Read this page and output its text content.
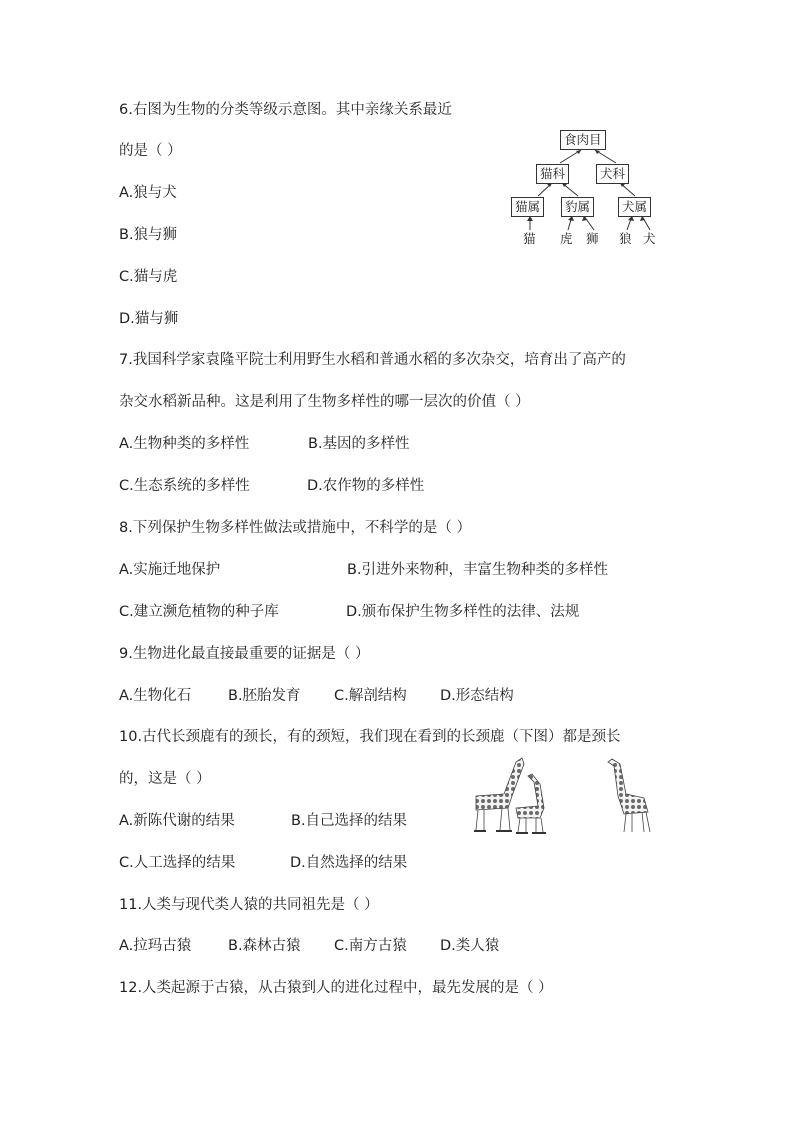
6.右图为生物的分类等级示意图。其中亲缘关系最近
的是（ ）
A.狼与犬
B.狼与狮
C.猫与虎
D.猫与狮
食肉目
猫科	犬科
猫属	豹属	犬属
猫 虎 狮 狼 犬
7.我国科学家袁隆平院士利用野生水稻和普通水稻的多次杂交，培育出了高产的
杂交水稻新品种。这是利用了生物多样性的哪一层次的价值（ ）
A.生物种类的多样性	B.基因的多样性
C.生态系统的多样性	D.农作物的多样性
8.下列保护生物多样性做法或措施中，不科学的是（ ）
A.实施迁地保护	B.引进外来物种，丰富生物种类的多样性
C.建立濒危植物的种子库	D.颁布保护生物多样性的法律、法规
9.生物进化最直接最重要的证据是（ ）
A.生物化石	B.胚胎发育 C.解剖结构 D.形态结构
10.古代长颈鹿有的颈长，有的颈短，我们现在看到的长颈鹿（下图）都是颈长
的，这是（ ）
A.新陈代谢的结果	B.自己选择的结果
C.人工选择的结果	D.自然选择的结果
11.人类与现代类人猿的共同祖先是（ ）
A.拉玛古猿	B.森林古猿 C.南方古猿 D.类人猿
12.人类起源于古猿，从古猿到人的进化过程中，最先发展的是（ ）
